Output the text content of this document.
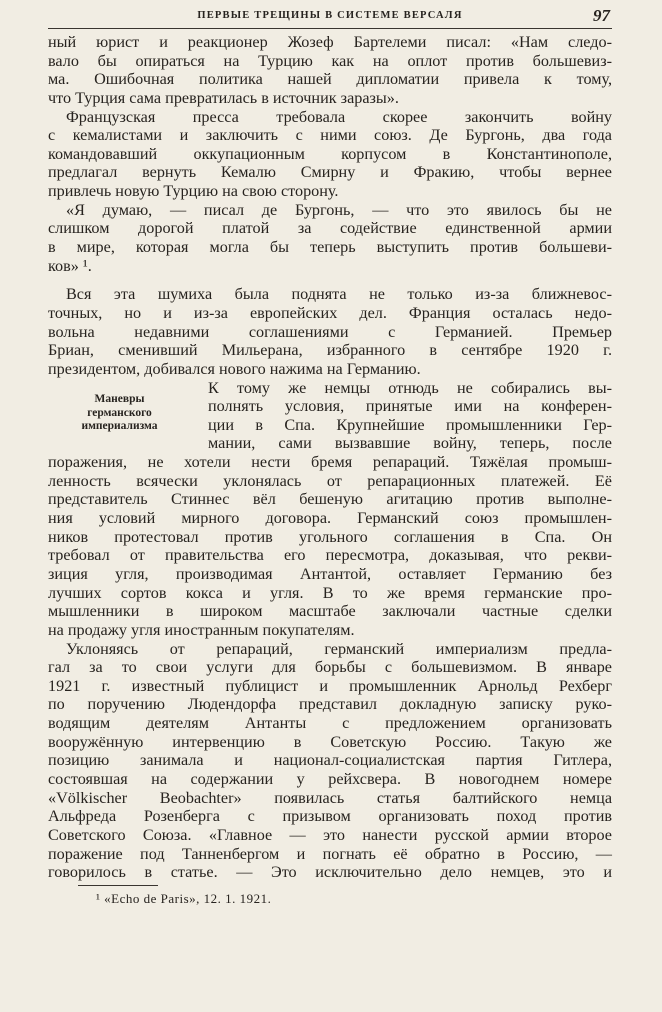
ПЕРВЫЕ ТРЕЩИНЫ В СИСТЕМЕ ВЕРСАЛЯ	97
Маневры
германского
империализма
ный юрист и реакционер Жозеф Бартелеми писал: «Нам следо-
вало бы опираться на Турцию как на оплот против большевиз-
ма. Ошибочная политика нашей дипломатии привела к тому,
что Турция сама превратилась в источник заразы».
Французская пресса требовала скорее закончить войну
с кемалистами и заключить с ними союз. Де Бургонь, два года
командовавший оккупационным корпусом в Константинополе,
предлагал вернуть Кемалю Смирну и Фракию, чтобы вернее
привлечь новую Турцию на свою сторону.
«Я думаю, — писал де Бургонь, — что это явилось бы не
слишком дорогой платой за содействие единственной армии
в мире, которая могла бы теперь выступить против большеви-
ков» ¹.
Вся эта шумиха была поднята не только из-за ближневос-
точных, но и из-за европейских дел. Франция осталась недо-
вольна недавними соглашениями с Германией. Премьер
Бриан, сменивший Мильерана, избранного в сентябре 1920 г.
президентом, добивался нового нажима на Германию.
К тому же немцы отнюдь не собирались вы-
полнять условия, принятые ими на конферен-
ции в Спа. Крупнейшие промышленники Гер-
мании, сами вызвавшие войну, теперь, после
поражения, не хотели нести бремя репараций. Тяжёлая промыш-
ленность всячески уклонялась от репарационных платежей. Её
представитель Стиннес вёл бешеную агитацию против выполне-
ния условий мирного договора. Германский союз промышлен-
ников протестовал против угольного соглашения в Спа. Он
требовал от правительства его пересмотра, доказывая, что рекви-
зиция угля, производимая Антантой, оставляет Германию без
лучших сортов кокса и угля. В то же время германские про-
мышленники в широком масштабе заключали частные сделки
на продажу угля иностранным покупателям.
Уклоняясь от репараций, германский империализм предла-
гал за то свои услуги для борьбы с большевизмом. В январе
1921 г. известный публицист и промышленник Арнольд Рехберг
по поручению Людендорфа представил докладную записку руко-
водящим деятелям Антанты с предложением организовать
вооружённую интервенцию в Советскую Россию. Такую же
позицию занимала и национал-социалистская партия Гитлера,
состоявшая на содержании у рейхсвера. В новогоднем номере
«Völkischer Beobachter» появилась статья балтийского немца
Альфреда Розенберга с призывом организовать поход против
Советского Союза. «Главное — это нанести русской армии второе
поражение под Танненбергом и погнать её обратно в Россию, —
говорилось в статье. — Это исключительно дело немцев, это и
¹ «Echo de Paris», 12. 1. 1921.
